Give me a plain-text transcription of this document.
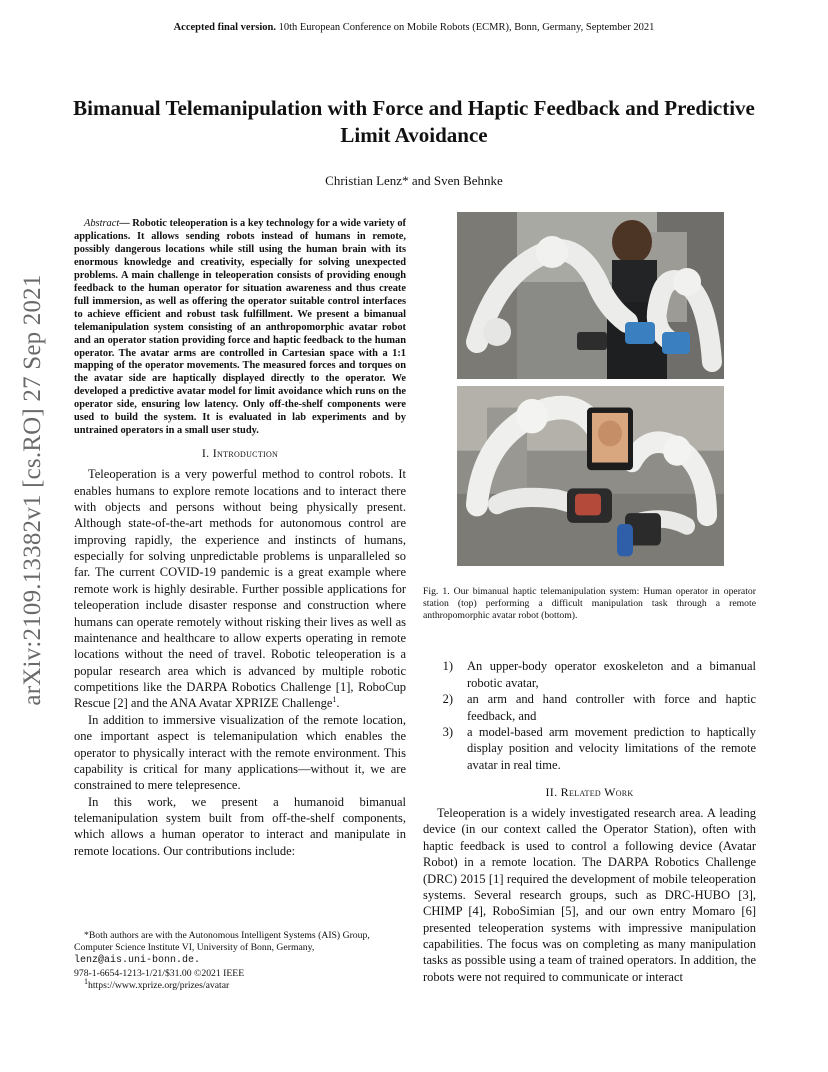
Accepted final version. 10th European Conference on Mobile Robots (ECMR), Bonn, Germany, September 2021
arXiv:2109.13382v1 [cs.RO] 27 Sep 2021
Bimanual Telemanipulation with Force and Haptic Feedback and Predictive Limit Avoidance
Christian Lenz* and Sven Behnke

Abstract— Robotic teleoperation is a key technology for a wide variety of applications. It allows sending robots instead of humans in remote, possibly dangerous locations while still using the human brain with its enormous knowledge and creativity, especially for solving unexpected problems. A main challenge in teleoperation consists of providing enough feedback to the human operator for situation awareness and thus create full immersion, as well as offering the operator suitable control interfaces to achieve efficient and robust task fulfillment. We present a bimanual telemanipulation system consisting of an anthropomorphic avatar robot and an operator station providing force and haptic feedback to the human operator. The avatar arms are controlled in Cartesian space with a 1:1 mapping of the operator movements. The measured forces and torques on the avatar side are haptically displayed directly to the operator. We developed a predictive avatar model for limit avoidance which runs on the operator side, ensuring low latency. Only off-the-shelf components were used to build the system. It is evaluated in lab experiments and by untrained operators in a small user study.

I. Introduction

Teleoperation is a very powerful method to control robots. It enables humans to explore remote locations and to interact there with objects and persons without being physically present. Although state-of-the-art methods for autonomous control are improving rapidly, the experience and instincts of humans, especially for solving unpredictable problems is unparalleled so far. The current COVID-19 pandemic is a great example where remote work is highly desirable. Further possible applications for teleoperation include disaster response and construction where humans can operate remotely without risking their lives as well as maintenance and healthcare to allow experts operating in remote locations without the need of travel. Robotic teleoperation is a popular research area which is advanced by multiple robotic competitions like the DARPA Robotics Challenge [1], RoboCup Rescue [2] and the ANA Avatar XPRIZE Challenge$^1$.

In addition to immersive visualization of the remote location, one important aspect is telemanipulation which enables the operator to physically interact with the remote environment. This capability is critical for many applications—without it, we are constrained to mere telepresence.

In this work, we present a humanoid bimanual telemanipulation system built from off-the-shelf components, which allows a human operator to interact and manipulate in remote locations. Our contributions include:

*Both authors are with the Autonomous Intelligent Systems (AIS) Group, Computer Science Institute VI, University of Bonn, Germany,
lenz@ais.uni-bonn.de.

978-1-6654-1213-1/21/$31.00 ©2021 IEEE

$^1$https://www.xprize.org/prizes/avatar

Fig. 1. Our bimanual haptic telemanipulation system: Human operator in operator station (top) performing a difficult manipulation task through a remote anthropomorphic avatar robot (bottom).

1)	An upper-body operator exoskeleton and a bimanual robotic avatar,
2)	an arm and hand controller with force and haptic feedback, and
3)	a model-based arm movement prediction to haptically display position and velocity limitations of the remote avatar in real time.
II. Related Work

Teleoperation is a widely investigated research area. A leading device (in our context called the Operator Station), often with haptic feedback is used to control a following device (Avatar Robot) in a remote location. The DARPA Robotics Challenge (DRC) 2015 [1] required the development of mobile teleoperation systems. Several research groups, such as DRC-HUBO [3], CHIMP [4], RoboSimian [5], and our own entry Momaro [6] presented teleoperation systems with impressive manipulation capabilities. The focus was on completing as many manipulation tasks as possible using a team of trained operators. In addition, the robots were not required to communicate or interact
